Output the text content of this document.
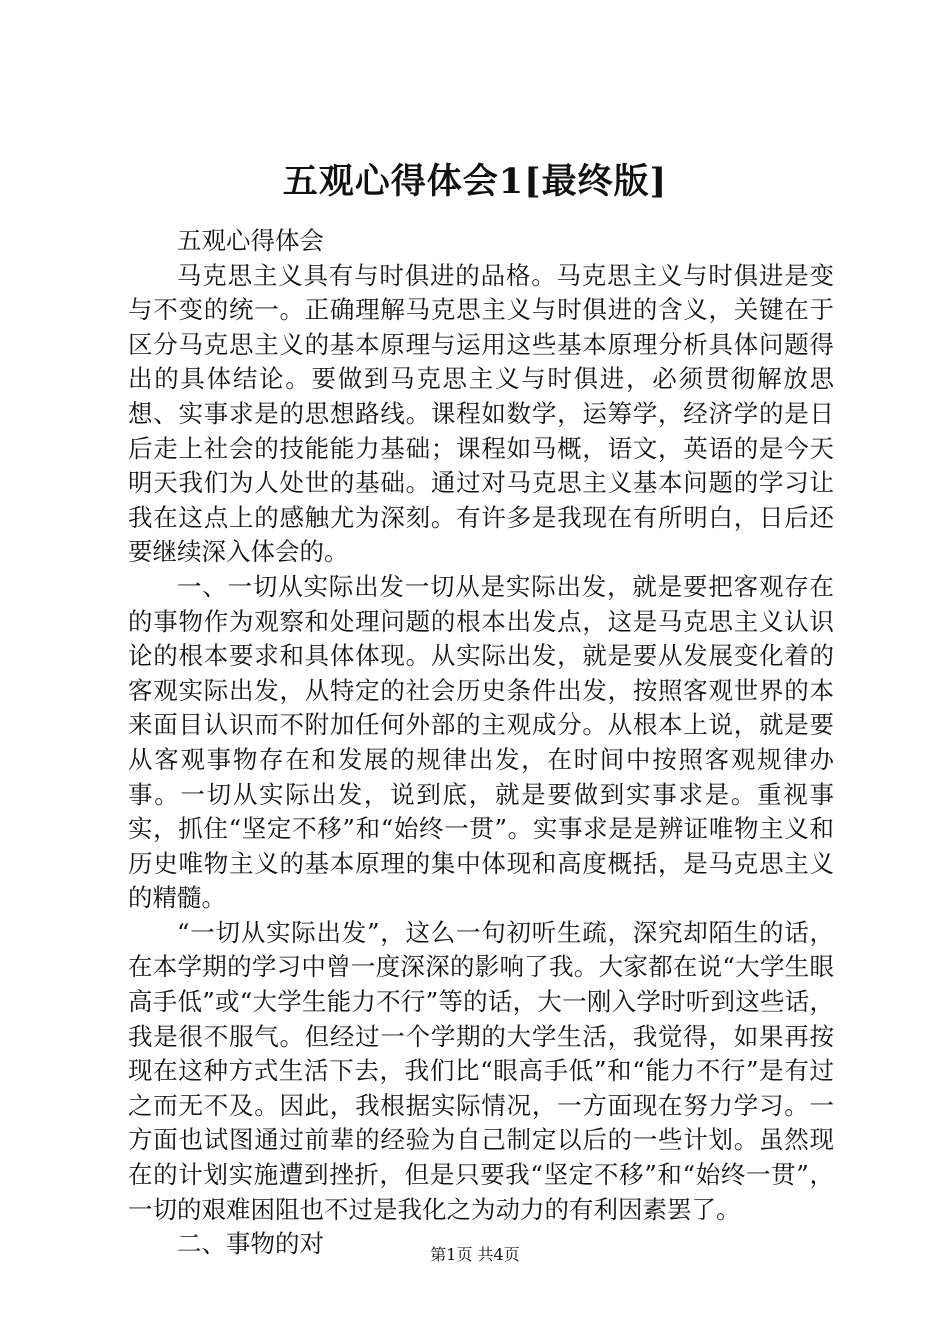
五观心得体会1[最终版]

五观心得体会

马克思主义具有与时俱进的品格。马克思主义与时俱进是变与不变的统一。正确理解马克思主义与时俱进的含义，关键在于区分马克思主义的基本原理与运用这些基本原理分析具体问题得出的具体结论。要做到马克思主义与时俱进，必须贯彻解放思想、实事求是的思想路线。课程如数学，运筹学，经济学的是日后走上社会的技能能力基础；课程如马概，语文，英语的是今天明天我们为人处世的基础。通过对马克思主义基本问题的学习让我在这点上的感触尤为深刻。有许多是我现在有所明白，日后还要继续深入体会的。

一、一切从实际出发一切从是实际出发，就是要把客观存在的事物作为观察和处理问题的根本出发点，这是马克思主义认识论的根本要求和具体体现。从实际出发，就是要从发展变化着的客观实际出发，从特定的社会历史条件出发，按照客观世界的本来面目认识而不附加任何外部的主观成分。从根本上说，就是要从客观事物存在和发展的规律出发，在时间中按照客观规律办事。一切从实际出发，说到底，就是要做到实事求是。重视事实，抓住“坚定不移”和“始终一贯”。实事求是是辨证唯物主义和历史唯物主义的基本原理的集中体现和高度概括，是马克思主义的精髓。

“一切从实际出发”，这么一句初听生疏，深究却陌生的话，在本学期的学习中曾一度深深的影响了我。大家都在说“大学生眼高手低”或“大学生能力不行”等的话，大一刚入学时听到这些话，我是很不服气。但经过一个学期的大学生活，我觉得，如果再按现在这种方式生活下去，我们比“眼高手低”和“能力不行”是有过之而无不及。因此，我根据实际情况，一方面现在努力学习。一方面也试图通过前辈的经验为自己制定以后的一些计划。虽然现在的计划实施遭到挫折，但是只要我“坚定不移”和“始终一贯”，一切的艰难困阻也不过是我化之为动力的有利因素罢了。

二、事物的对	第1页 共4页
